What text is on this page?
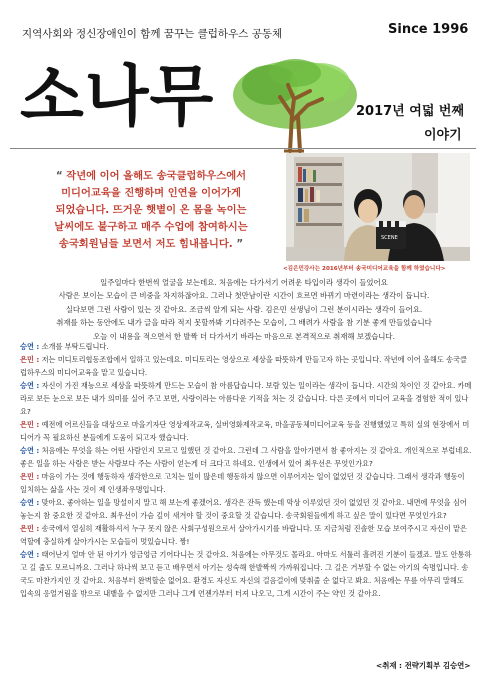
지역사회와 정신장애인이 함께 꿈꾸는 클럽하우스 공동체	Since 1996
소나무	2017년 여덟 번째
이야기
“ 작년에 이어 올해도 송국클럽하우스에서
미디어교육을 진행하며 인연을 이어가게
되었습니다. 뜨거운 햇볕이 온 몸을 녹이는
날씨에도 불구하고 매주 수업에 참여하시는
송국회원님들 보면서 저도 힘내봅니다. ”	SCENE
<김은민강사는 2016년부터 송국미디어교육을 함께 하였습니다>
일주일마다 한번씩 얼굴을 보는데요. 처음에는 다가서기 어려운 타입이라 생각이 들었어요
사람은 보이는 모습이 큰 비중을 차지하잖아요. 그러나 첫만남이란 시간이 흐르면 바뀌기 마련이라는 생각이 듭니다.
실다보면 그런 사람이 있는 것 같아요. 조금씩 알게 되는 사람. 김은민 선생님이 그런 분이시라는 생각이 들어요.
취재를 하는 동안에도 내가 글을 따라 적지 못할까봐 기다려주는 모습이, 그 배려가 사람을 참 기분 좋게 만들었습니다
오늘 이 내용을 적으면서 한 발짝 더 다가서기 바라는 마음으로 본격적으로 취재해 보겠습니다.

승연 : 소개를 부탁드립니다.

은민 : 저는 미디토리협동조합에서 일하고 있는데요. 미디토리는 영상으로 세상을 따뜻하게 만들고자 하는 곳입니다. 작년에 이어 올해도 송국클럽하우스의 미디어교육을 맡고 있습니다.

승연 : 자신이 가진 재능으로 세상을 따뜻하게 만드는 모습이 참 아름답습니다. 보람 있는 일이라는 생각이 듭니다. 시간의 차이인 것 같아요. 카메라로 보든 눈으로 보든 내가 의미를 실어 주고 보면, 사랑이라는 아름다운 기적을 처는 것 같습니다. 다른 곳에서 미디어 교육을 경험한 적이 있나요?

은민 : 예전에 어르신들을 대상으로 마을기자단 영상제작교육, 실버영화제작교육, 마을공동체미디어교육 등을 진행했었고 특히 실의 현장에서 미디어가 꼭 필요하신 분들에게 도움이 되고자 했습니다.

승연 : 처음에는 무엇을 하는 어떤 사람인지 모르고 일했던 것 같아요. 그런데 그 사람을 알아가면서 참 좋아지는 것 같아요. 개인적으로 부럽네요. 좋은 일을 하는 사람은 받는 사람보다 주는 사람이 얻는게 더 크다고 하네요. 인생에서 있어 최우선은 무엇인가요?

은민 : 마음이 가는 것에 행동하자 생각한으로 고치는 일이 많은데 행동하지 않으면 이루어지는 일이 없었던 것 같습니다. 그래서 생각과 행동이 일치하는 삶을 사는 것이 제 인생좌우명입니다.

승연 : 맞아요. 좋아하는 일을 망설이지 말고 해 보는게 좋겠어요. 생각은 잔득 했는데 막상 이루었던 것이 없었던 것 같아요. 내면에 무엇을 심어놓는지 참 중요한 것 같아요. 최우선이 가슴 깊이 새겨야 할 것이 중요할 것 같습니다. 송국회원들에게 하고 싶은 말이 있다면 무엇인가요?

은민 : 송국에서 열심히 재활하셔서 누구 못지 않은 사회구성원으로서 살아가시기를 바랍니다. 또 지금처럼 진솔한 모습 보여주시고 자신이 맡은 역할에 충실하게 살아가시는 모습들이 멋있습니다. 짱!

승연 : 태어난지 얼마 안 된 아기가 엉금엉금 기어다니는 것 같아요. 처음에는 아무것도 몰라요. 아마도 서툴러 흘려진 기분이 들겠죠. 말도 안통하고 길 줄도 모르니까요. 그러나 하나씩 보고 듣고 배우면서 아기는 성숙해 한발짝씩 가까워집니다. 그 길은 거부할 수 없는 아기의 숙명입니다. 송국도 마찬가지인 것 같아요. 처음부터 완벽할순 없어요. 환경도 자신도 자신의 걸음걸이에 맞춰줄 순 없다고 봐요. 처음에는 무릎 아무리 말해도 입속의 응얼거림을 밖으로 내뱉을 수 없지만 그러나 그게 언젠가부터 터져 나오고, 그게 시간이 주는 약인 것 같아요.

<취재 : 전략기획부 김승연>
